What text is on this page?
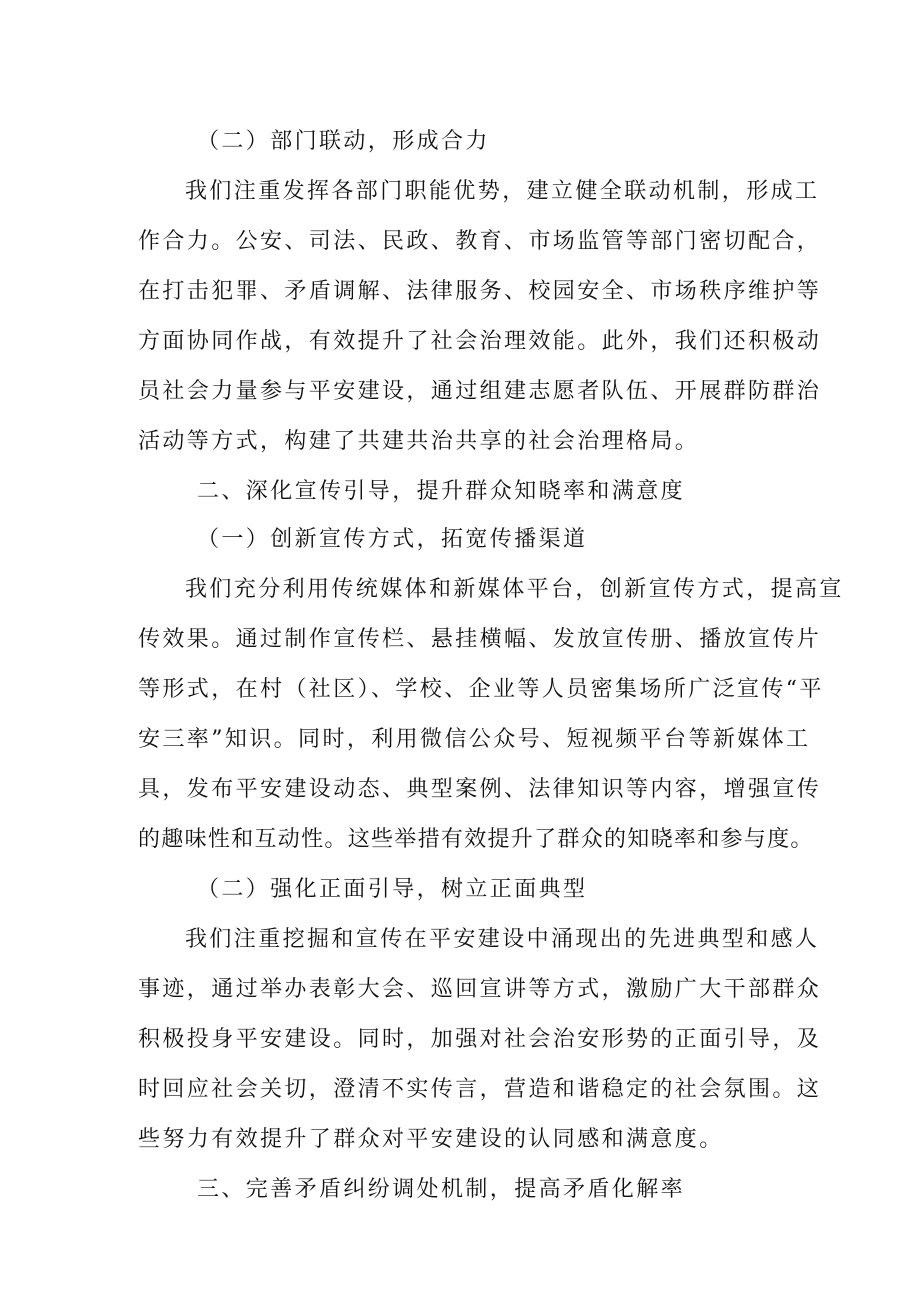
（二）部门联动，形成合力
我们注重发挥各部门职能优势，建立健全联动机制，形成工
作合力。公安、司法、民政、教育、市场监管等部门密切配合，
在打击犯罪、矛盾调解、法律服务、校园安全、市场秩序维护等
方面协同作战，有效提升了社会治理效能。此外，我们还积极动
员社会力量参与平安建设，通过组建志愿者队伍、开展群防群治
活动等方式，构建了共建共治共享的社会治理格局。
二、深化宣传引导，提升群众知晓率和满意度
（一）创新宣传方式，拓宽传播渠道
我们充分利用传统媒体和新媒体平台，创新宣传方式，提高宣
传效果。通过制作宣传栏、悬挂横幅、发放宣传册、播放宣传片
等形式，在村（社区）、学校、企业等人员密集场所广泛宣传“平
安三率”知识。同时，利用微信公众号、短视频平台等新媒体工
具，发布平安建设动态、典型案例、法律知识等内容，增强宣传
的趣味性和互动性。这些举措有效提升了群众的知晓率和参与度。
（二）强化正面引导，树立正面典型
我们注重挖掘和宣传在平安建设中涌现出的先进典型和感人
事迹，通过举办表彰大会、巡回宣讲等方式，激励广大干部群众
积极投身平安建设。同时，加强对社会治安形势的正面引导，及
时回应社会关切，澄清不实传言，营造和谐稳定的社会氛围。这
些努力有效提升了群众对平安建设的认同感和满意度。
三、完善矛盾纠纷调处机制，提高矛盾化解率
